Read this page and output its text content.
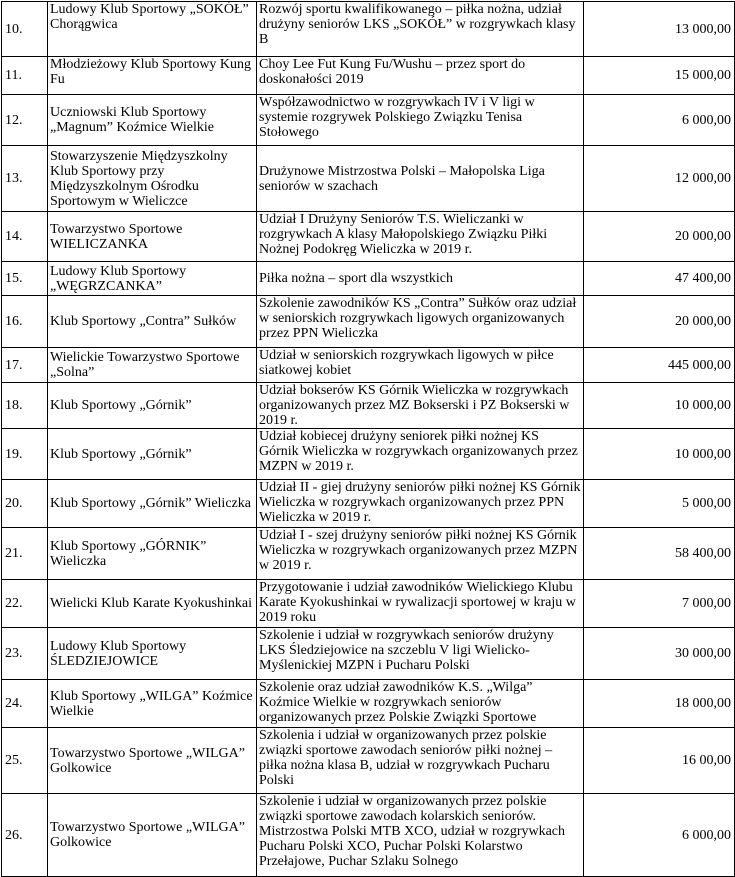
10.	Ludowy Klub Sportowy „SOKÓŁ” Chorągwica	Rozwój sportu kwalifikowanego – piłka nożna, udział drużyny seniorów LKS „SOKÓŁ” w rozgrywkach klasy B	13 000,00
11.	Młodzieżowy Klub Sportowy Kung Fu	Choy Lee Fut Kung Fu/Wushu – przez sport do doskonałości 2019	15 000,00
12.	Uczniowski Klub Sportowy „Magnum” Koźmice Wielkie	Współzawodnictwo w rozgrywkach IV i V ligi w systemie rozgrywek Polskiego Związku Tenisa Stołowego	6 000,00
13.	Stowarzyszenie Międzyszkolny Klub Sportowy przy Międzyszkolnym Ośrodku Sportowym w Wieliczce	Drużynowe Mistrzostwa Polski – Małopolska Liga seniorów w szachach	12 000,00
14.	Towarzystwo Sportowe WIELICZANKA	Udział I Drużyny Seniorów T.S. Wieliczanki w rozgrywkach A klasy Małopolskiego Związku Piłki Nożnej Podokręg Wieliczka w 2019 r.	20 000,00
15.	Ludowy Klub Sportowy „WĘGRZCANKA”	Piłka nożna – sport dla wszystkich	47 400,00
16.	Klub Sportowy „Contra” Sułków	Szkolenie zawodników KS „Contra” Sułków oraz udział w seniorskich rozgrywkach ligowych organizowanych przez PPN Wieliczka	20 000,00
17.	Wielickie Towarzystwo Sportowe „Solna”	Udział w seniorskich rozgrywkach ligowych w piłce siatkowej kobiet	445 000,00
18.	Klub Sportowy „Górnik”	Udział bokserów KS Górnik Wieliczka w rozgrywkach organizowanych przez MZ Bokserski i PZ Bokserski w 2019 r.	10 000,00
19.	Klub Sportowy „Górnik”	Udział kobiecej drużyny seniorek piłki nożnej KS Górnik Wieliczka w rozgrywkach organizowanych przez MZPN w 2019 r.	10 000,00
20.	Klub Sportowy „Górnik” Wieliczka	Udział II - giej drużyny seniorów piłki nożnej KS Górnik Wieliczka w rozgrywkach organizowanych przez PPN Wieliczka w 2019 r.	5 000,00
21.	Klub Sportowy „GÓRNIK” Wieliczka	Udział I - szej drużyny seniorów piłki nożnej KS Górnik Wieliczka w rozgrywkach organizowanych przez MZPN w 2019 r.	58 400,00
22.	Wielicki Klub Karate Kyokushinkai	Przygotowanie i udział zawodników Wielickiego Klubu Karate Kyokushinkai w rywalizacji sportowej w kraju w 2019 roku	7 000,00
23.	Ludowy Klub Sportowy ŚLEDZIEJOWICE	Szkolenie i udział w rozgrywkach seniorów drużyny LKS Śledziejowice na szczeblu V ligi Wielicko-Myślenickiej MZPN i Pucharu Polski	30 000,00
24.	Klub Sportowy „WILGA” Koźmice Wielkie	Szkolenie oraz udział zawodników K.S. „Wilga” Koźmice Wielkie w rozgrywkach seniorów organizowanych przez Polskie Związki Sportowe	18 000,00
25.	Towarzystwo Sportowe „WILGA” Golkowice	Szkolenia i udział w organizowanych przez polskie związki sportowe zawodach seniorów piłki nożnej – piłka nożna klasa B, udział w rozgrywkach Pucharu Polski	16 00,00
26.	Towarzystwo Sportowe „WILGA” Golkowice	Szkolenie i udział w organizowanych przez polskie związki sportowe zawodach kolarskich seniorów. Mistrzostwa Polski MTB XCO, udział w rozgrywkach Pucharu Polski XCO, Puchar Polski Kolarstwo Przełajowe, Puchar Szlaku Solnego	6 000,00
